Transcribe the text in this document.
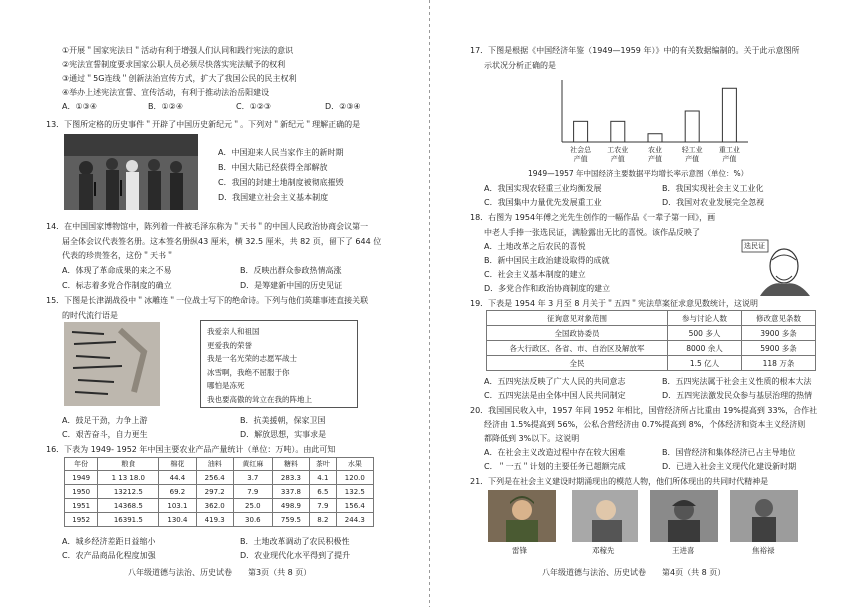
①开展＂国家宪法日＂活动有利于增强人们认同和践行宪法的意识
②宪法宣誓制度要求国家公职人员必须尽快落实宪法赋予的权利
③通过＂5G连线＂创新法治宣传方式，扩大了我国公民的民主权利
④举办上述宪法宣誓、宣传活动，有利于推动法治岳阳建设
A．①③④	B．①②④	C．①②③	D．②③④
13．下图所定格的历史事件＂开辟了中国历史新纪元＂。下列对＂新纪元＂理解正确的是
A．中国迎来人民当家作主的新时期
B．中国大陆已经获得全部解放
C．我国的封建土地制度被彻底摧毁
D．我国建立社会主义基本制度
14．在中国国家博物馆中，陈列着一件被毛泽东称为＂天书＂的中国人民政治协商会议第一
届全体会议代表签名册。这本签名册纵43 厘米，横 32.5 厘米，共 82 页，留下了 644 位
代表的珍贵签名，这份＂天书＂
A．体现了革命成果的来之不易	B．反映出群众参政热情高涨
C．标志着多党合作制度的确立	D．是筹建新中国的历史见证
15．下图是长津湖战役中＂冰雕连＂一位战士写下的绝命诗。下列与他们英雄事迹直接关联
的时代流行语是
我爱亲人和祖国
更爱我的荣誉
我是一名光荣的志愿军战士
冰雪啊，我绝不屈服于你
哪怕是冻死
我也要高傲的耸立在我的阵地上
A．鼓足干劲，力争上游	B．抗美援朝，保家卫国
C．艰苦奋斗，自力更生	D．解放思想，实事求是
16．下表为 1949- 1952 年中国主要农业产品产量统计（单位：万吨）。由此可知
年份	粮食	棉花	油料	黄红麻	糖料	茶叶	水果
1949	1 13 18.0	44.4	256.4	3.7	283.3	4.1	120.0
1950	13212.5	69.2	297.2	7.9	337.8	6.5	132.5
1951	14368.5	103.1	362.0	25.0	498.9	7.9	156.4
1952	16391.5	130.4	419.3	30.6	759.5	8.2	244.3
A．城乡经济差距日益缩小	B．土地改革调动了农民积极性
C．农产品商品化程度加强	D．农业现代化水平得到了提升
八年级道德与法治、历史试卷　　第3页（共 8 页）
17．下图是根据《中国经济年鉴（1949—1959 年）》中的有关数据编制的。关于此示意图所
示状况分析正确的是
社会总
产值
工农业
产值
农业
产值
轻工业
产值
重工业
产值
1949—1957 年中国经济主要数据平均增长率示意图（单位：%）
A．我国实现农轻重三业均衡发展	B．我国实现社会主义工业化
C．我国集中力量优先发展重工业	D．我国对农业发展完全忽视
18．右图为 1954年傅之光先生创作的一幅作品《一辈子第一回》，画
中老人手捧一张选民证，满脸露出无比的喜悦。该作品反映了
A．土地改革之后农民的喜悦
B．新中国民主政治建设取得的成就
C．社会主义基本制度的建立
D．多党合作和政治协商制度的建立
选民证
19．下表是 1954 年 3 月至 8 月关于＂五四＂宪法草案征求意见数统计，这说明
征询意见对象范围	参与讨论人数	修改意见条数
全国政协委员	500 多人	3900 多条
各大行政区、各省、市、自治区及解放军	8000 余人	5900 多条
全民	1.5 亿人	118 万条
A．五四宪法反映了广大人民的共同意志	B．五四宪法属于社会主义性质的根本大法
C．五四宪法是由全体中国人民共同制定	D．五四宪法激发民众参与基层治理的热情
20．我国国民收入中，1957 年同 1952 年相比，国营经济所占比重由 19%提高到 33%，合作社
经济由 1.5%提高到 56%，公私合营经济由 0.7%提高到 8%，个体经济和资本主义经济则
都降低到 3%以下。这说明
A．在社会主义改造过程中存在较大困难	B．国营经济和集体经济已占主导地位
C．＂一五＂计划的主要任务已超额完成	D．已进入社会主义现代化建设新时期
21．下列是在社会主义建设时期涌现出的模范人物，他们所体现出的共同时代精神是
雷锋	邓稼先	王进喜	焦裕禄
八年级道德与法治、历史试卷　　第4页（共 8 页）
